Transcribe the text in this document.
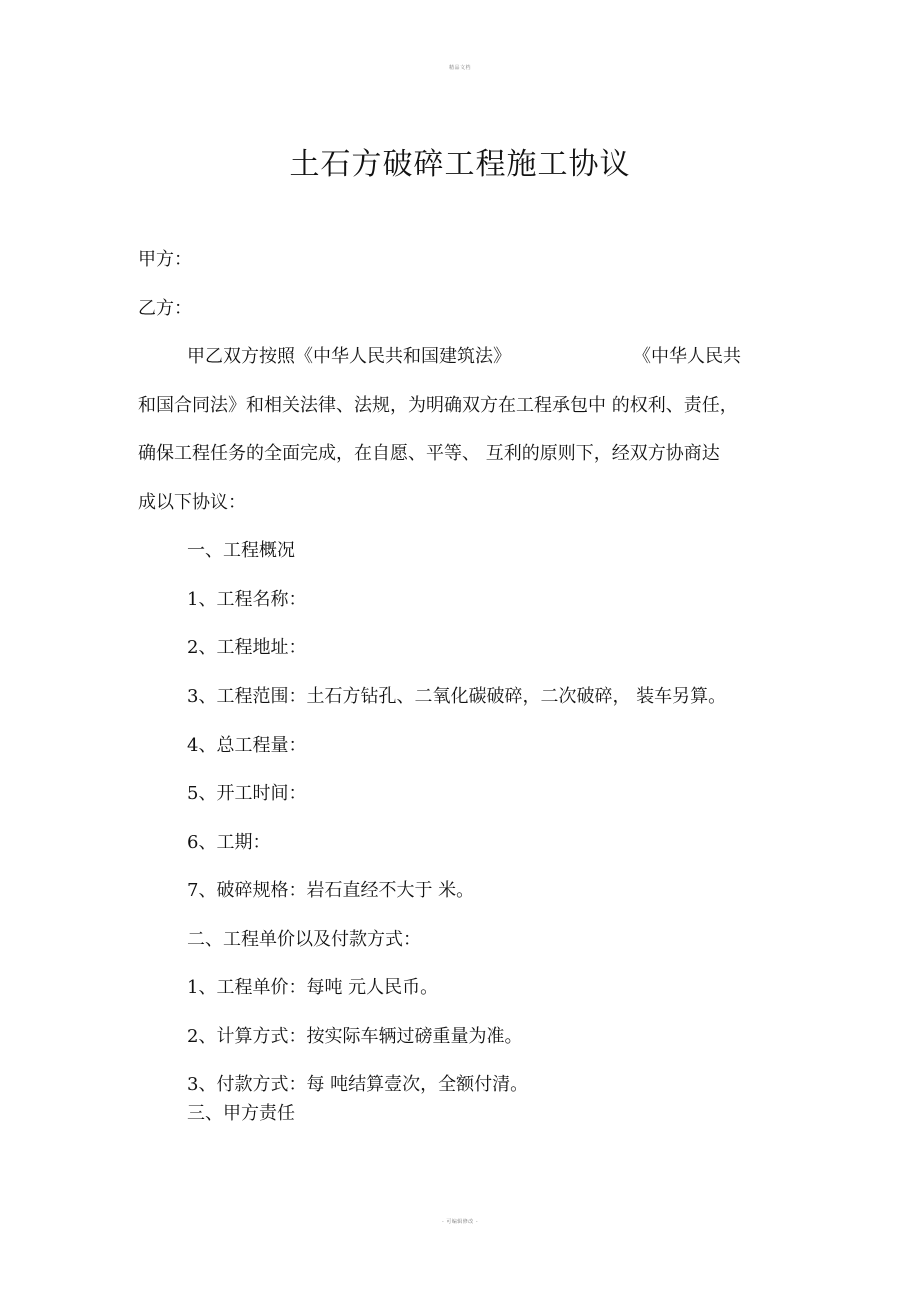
精品文档
土石方破碎工程施工协议
甲方：
乙方：
甲乙双方按照《中华人民共和国建筑法》	《中华人民共
和国合同法》和相关法律、法规，为明确双方在工程承包中 的权利、责任，
确保工程任务的全面完成，在自愿、平等、 互利的原则下，经双方协商达
成以下协议：
一、工程概况
1、工程名称：
2、工程地址：
3、工程范围：土石方钻孔、二氧化碳破碎，二次破碎， 装车另算。
4、总工程量：
5、开工时间：
6、工期：
7、破碎规格：岩石直经不大于 米。
二、工程单价以及付款方式：
1、工程单价：每吨 元人民币。
2、计算方式：按实际车辆过磅重量为准。
3、付款方式：每 吨结算壹次，全额付清。
三、甲方责任
- 可编辑修改 -
